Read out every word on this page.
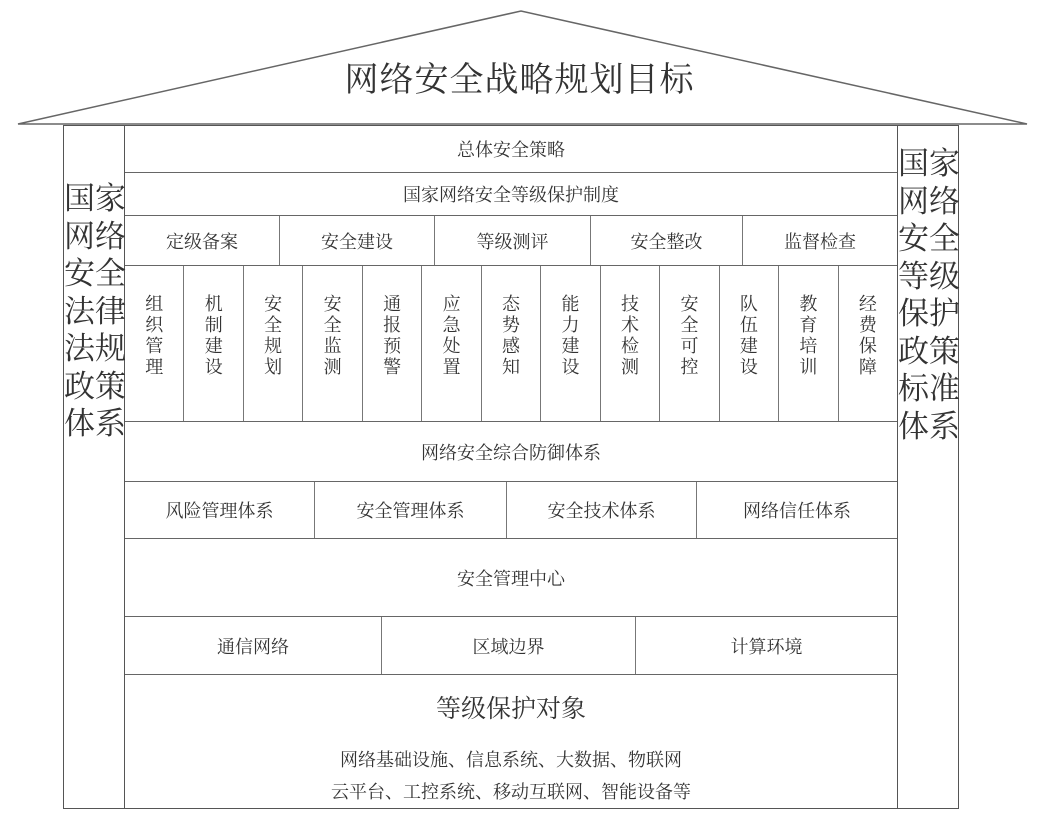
网络安全战略规划目标
国家网络安全法律法规政策体系
国家网络安全等级保护政策标准体系
总体安全策略
国家网络安全等级保护制度
定级备案	安全建设	等级测评	安全整改	监督检查
组织管理
机制建设
安全规划
安全监测
通报预警
应急处置
态势感知
能力建设
技术检测
安全可控
队伍建设
教育培训
经费保障
网络安全综合防御体系
风险管理体系	安全管理体系	安全技术体系	网络信任体系
安全管理中心
通信网络	区域边界	计算环境
等级保护对象
网络基础设施、信息系统、大数据、物联网
云平台、工控系统、移动互联网、智能设备等
